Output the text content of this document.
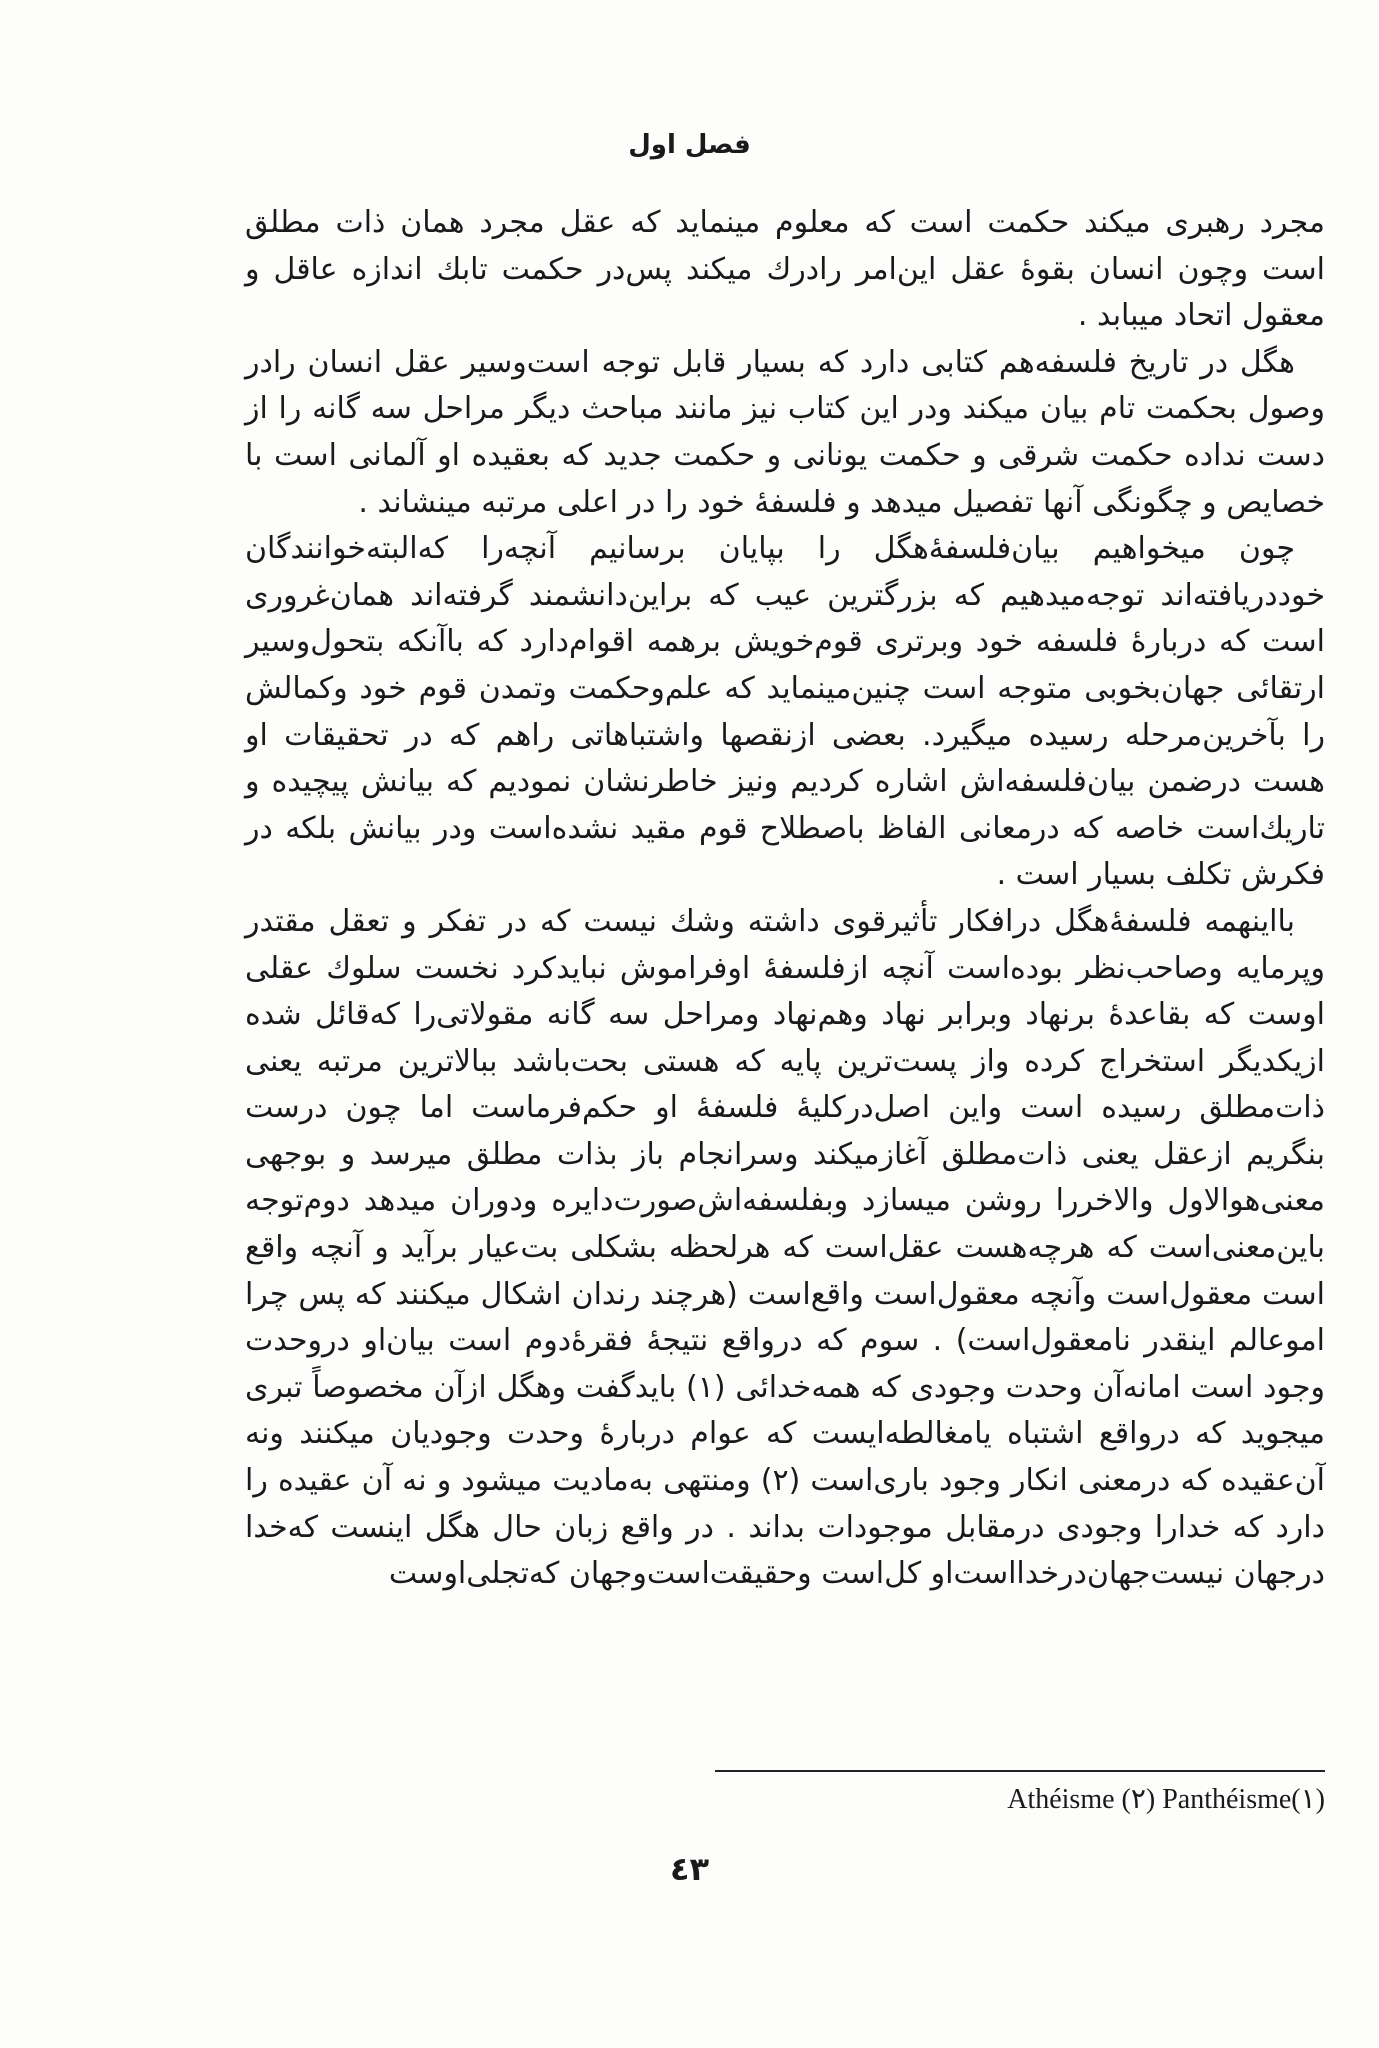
فصل اول

مجرد رهبری میکند حکمت است که معلوم مینماید که عقل مجرد همان ذات مطلق است وچون انسان بقوهٔ عقل این‌امر رادرك میکند پس‌در حکمت تابك اندازه عاقل و معقول اتحاد میبابد .

هگل در تاریخ فلسفه‌هم کتابی دارد که بسیار قابل توجه است‌وسیر عقل انسان رادر وصول بحکمت تام بیان میکند ودر این کتاب نیز مانند مباحث دیگر مراحل سه گانه را از دست نداده حکمت شرقی و حکمت یونانی و حکمت جدید که بعقیده او آلمانی است با خصایص و چگونگی آنها تفصیل میدهد و فلسفهٔ خود را در اعلی مرتبه مینشاند .

چون میخواهیم بیان‌فلسفهٔ‌هگل را بپایان برسانیم آنچه‌را که‌البته‌خوانندگان خوددریافته‌اند توجه‌میدهیم که بزرگترین عیب که براین‌دانشمند گرفته‌اند همان‌غروری است که دربارهٔ فلسفه خود وبرتری قوم‌خویش برهمه اقوام‌دارد که با‌آنکه بتحول‌وسیر ارتقائی جهان‌بخوبی متوجه است چنین‌مینماید که علم‌وحکمت وتمدن قوم خود وکمالش را بآخرین‌مرحله رسیده میگیرد. بعضی ازنقصها واشتباهاتی راهم که در تحقیقات او هست درضمن بیان‌فلسفه‌اش اشاره کردیم ونیز خاطرنشان نمودیم که بیانش پیچیده و تاریك‌است خاصه که درمعانی الفاظ باصطلاح قوم مقید نشده‌است ودر بیانش بلکه در فکرش تکلف بسیار است .

باا‌ینهمه فلسفهٔ‌هگل درافکار تأثیرقوی داشته وشك نیست که در تفکر و تعقل مقتدر وپرمایه وصاحب‌نظر بوده‌است آنچه ازفلسفهٔ اوفراموش نباید‌کرد نخست سلوك عقلی اوست که بقاعدهٔ برنهاد وبرابر نهاد وهم‌نهاد ومراحل سه گانه مقولاتی‌را که‌قائل شده ازیکدیگر استخراج کرده واز پست‌ترین پایه که هستی بحت‌باشد ببالاترین مرتبه یعنی ذات‌مطلق رسیده است واین اصل‌درکلیهٔ فلسفهٔ او حکم‌فرماست اما چون درست بنگریم ازعقل یعنی ذات‌مطلق آغازمیکند وسرانجام باز بذات مطلق میرسد و بوجهی معنی‌هوالاول والاخررا روشن میسازد وبفلسفه‌اش‌صورت‌دایره ودوران میدهد دوم‌توجه باین‌معنی‌است که هرچه‌هست عقل‌است که هرلحظه بشکلی بت‌عیار برآید و آنچه واقع است معقول‌است وآنچه معقول‌است واقع‌است (هرچند رندان اشکال میکنند که پس چرا اموعالم اینقدر نامعقول‌است) . سوم که درواقع نتیجهٔ فقرهٔ‌دوم است بیان‌او دروحدت وجود است امانه‌آن وحدت وجودی که همه‌خدائی (۱) باید‌گفت وهگل ازآن مخصوصاً تبری میجوید که درواقع اشتباه یامغالطه‌ایست که عوام دربارهٔ وحدت وجودیان میکنند ونه آن‌عقیده که درمعنی انکار وجود باری‌است (۲) ومنتهی به‌مادیت میشود و نه آن عقیده را دارد که خدارا وجودی درمقابل موجودات بداند . در واقع زبان حال هگل اینست که‌خدا درجهان نیست‌جهان‌درخدا‌است‌او کل‌است وحقیقت‌است‌وجهان که‌تجلی‌اوست

Athéisme (۲) Panthéisme(۱)
٤٣
